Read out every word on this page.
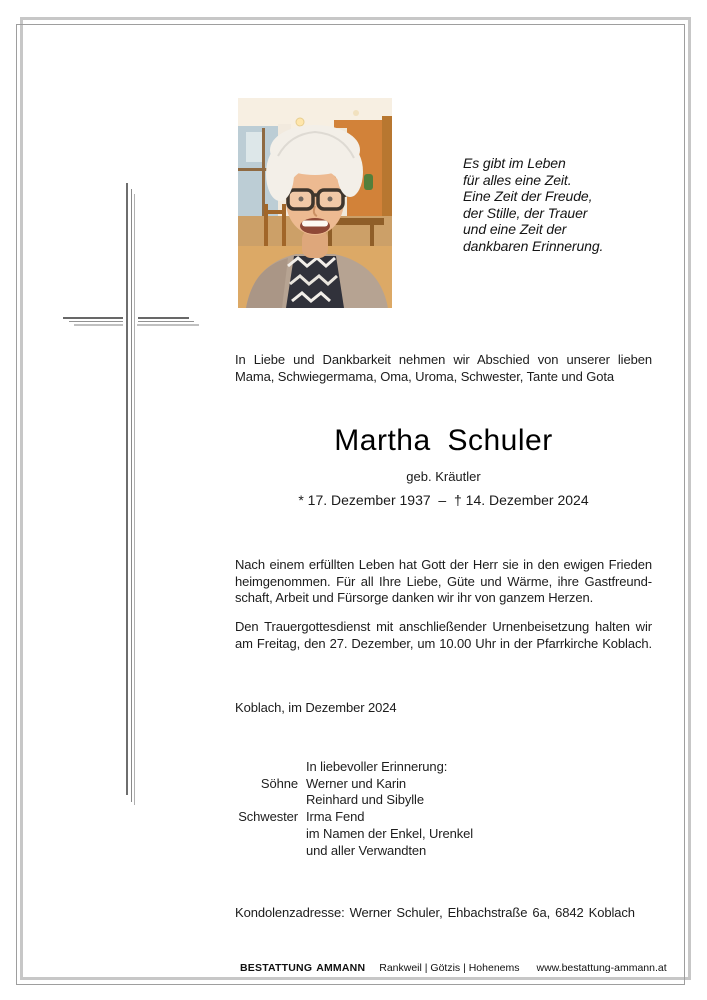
Es gibt im Leben
für alles eine Zeit.
Eine Zeit der Freude,
der Stille, der Trauer
und eine Zeit der
dankbaren Erinnerung.
In Liebe und Dankbarkeit nehmen wir Abschied von unserer lieben
Mama, Schwiegermama, Oma, Uroma, Schwester, Tante und Gota
Martha Schuler
geb. Kräutler
* 17. Dezember 1937  –  † 14. Dezember 2024
Nach einem erfüllten Leben hat Gott der Herr sie in den ewigen Frieden
heimgenommen. Für all Ihre Liebe, Güte und Wärme, ihre Gastfreund-
schaft, Arbeit und Fürsorge danken wir ihr von ganzem Herzen.
Den Trauergottesdienst mit anschließender Urnenbeisetzung halten wir
am Freitag, den 27. Dezember, um 10.00 Uhr in der Pfarrkirche Koblach.
Koblach, im Dezember 2024
In liebevoller Erinnerung:
Söhne Werner und Karin
Reinhard und Sibylle
Schwester Irma Fend
im Namen der Enkel, Urenkel
und aller Verwandten
Kondolenzadresse: Werner Schuler, Ehbachstraße 6a, 6842 Koblach
BESTATTUNG AMMANN Rankweil | Götzis | Hohenems www.bestattung-ammann.at
